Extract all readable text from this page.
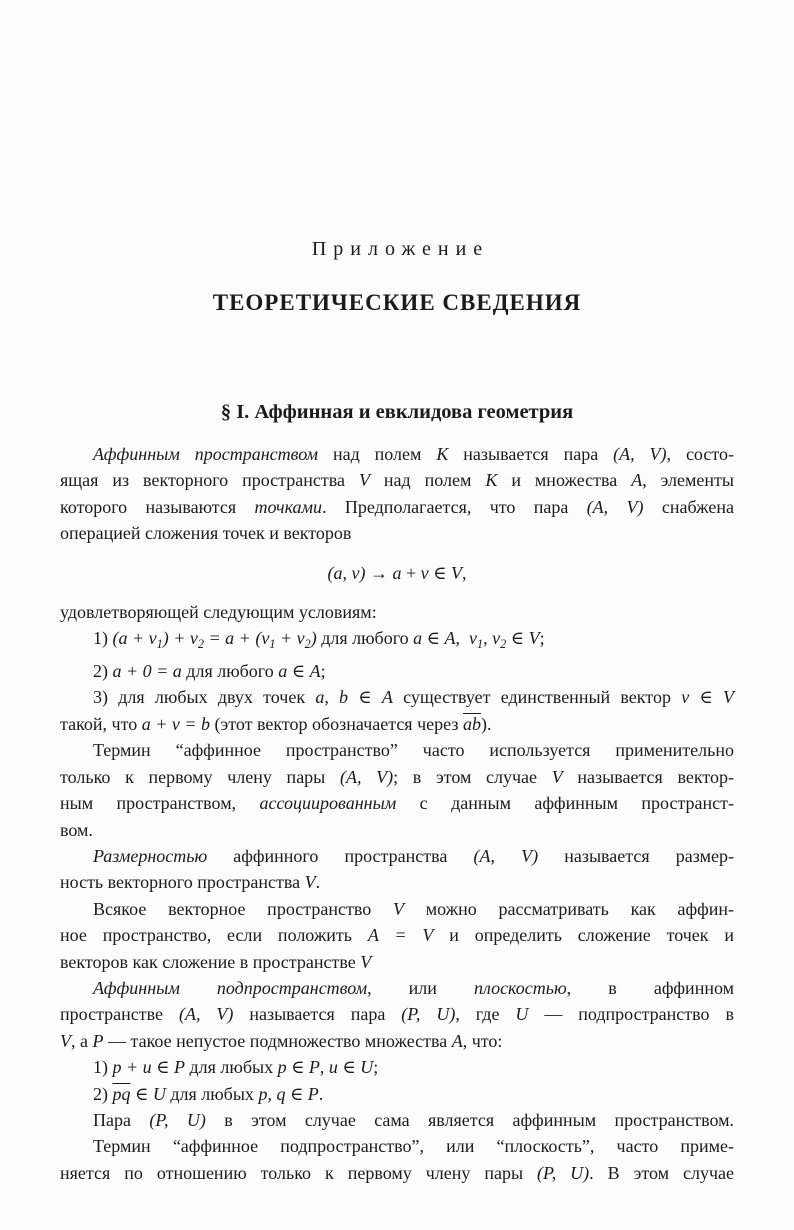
Приложение
ТЕОРЕТИЧЕСКИЕ СВЕДЕНИЯ
§ I. Аффинная и евклидова геометрия
Аффинным пространством над полем K называется пара (A, V), состо-
ящая из векторного пространства V над полем K и множества A, элементы
которого называются точками. Предполагается, что пара (A, V) снабжена
операцией сложения точек и векторов
(a, v) → a + v ∈ V,
удовлетворяющей следующим условиям:
1) $(a + v_1) + v_2 = a + (v_1 + v_2)$ для любого a ∈ A, $v_1$, $v_2$ ∈ V;
2) a + 0 = a для любого a ∈ A;
3) для любых двух точек a, b ∈ A существует единственный вектор v ∈ V
такой, что a + v = b (этот вектор обозначается через $\overline{ab}$).
Термин “аффинное пространство” часто используется применительно
только к первому члену пары (A, V); в этом случае V называется вектор-
ным пространством, ассоциированным с данным аффинным пространст-
вом.
Размерностью аффинного пространства (A, V) называется размер-
ность векторного пространства V.
Всякое векторное пространство V можно рассматривать как аффин-
ное пространство, если положить A = V и определить сложение точек и
векторов как сложение в пространстве V
Аффинным подпространством, или плоскостью, в аффинном
пространстве (A, V) называется пара (P, U), где U — подпространство в
V, а P — такое непустое подмножество множества A, что:
1) p + u ∈ P для любых p ∈ P, u ∈ U;
2) $\overline{pq}$ ∈ U для любых p, q ∈ P.
Пара (P, U) в этом случае сама является аффинным пространством.
Термин “аффинное подпространство”, или “плоскость”, часто приме-
няется по отношению только к первому члену пары (P, U). В этом случае
